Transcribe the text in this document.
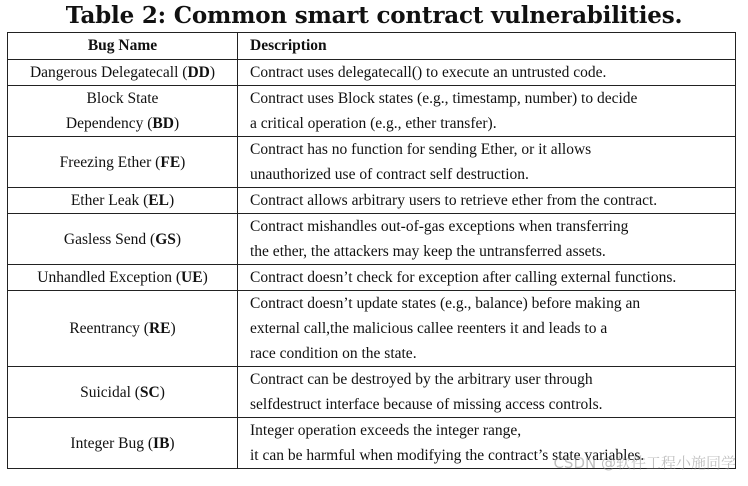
Table 2: Common smart contract vulnerabilities.
Bug Name	Description

Dangerous Delegatecall (DD)	Contract uses delegatecall() to execute an untrusted code.

Block State
Dependency (BD)	Contract uses Block states (e.g., timestamp, number) to decide
a critical operation (e.g., ether transfer).

Freezing Ether (FE)	Contract has no function for sending Ether, or it allows
unauthorized use of contract self destruction.

Ether Leak (EL)	Contract allows arbitrary users to retrieve ether from the contract.

Gasless Send (GS)	Contract mishandles out-of-gas exceptions when transferring
the ether, the attackers may keep the untransferred assets.

Unhandled Exception (UE)	Contract doesn’t check for exception after calling external functions.

Reentrancy (RE)	Contract doesn’t update states (e.g., balance) before making an
external call,the malicious callee reenters it and leads to a
race condition on the state.

Suicidal (SC)	Contract can be destroyed by the arbitrary user through
selfdestruct interface because of missing access controls.

Integer Bug (IB)	Integer operation exceeds the integer range,
it can be harmful when modifying the contract’s state variables.
CSDN @软件工程小施同学
